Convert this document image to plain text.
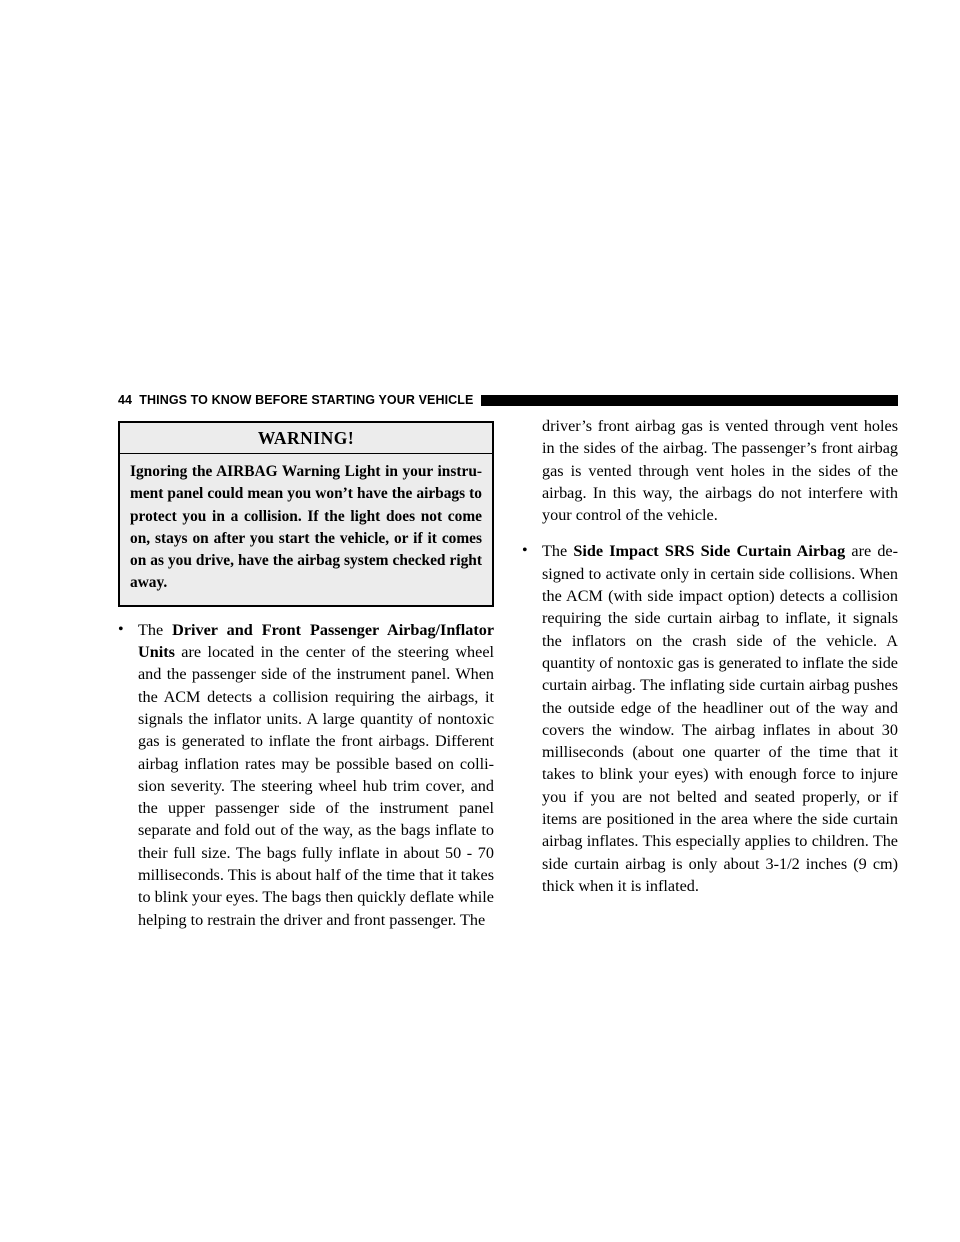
44 THINGS TO KNOW BEFORE STARTING YOUR VEHICLE
WARNING!
Ignoring the AIRBAG Warning Light in your instru-ment panel could mean you won’t have the airbags to protect you in a collision. If the light does not come on, stays on after you start the vehicle, or if it comes on as you drive, have the airbag system checked right away.
• The Driver and Front Passenger Airbag/Inflator Units are located in the center of the steering wheel and the passenger side of the instrument panel. When the ACM detects a collision requiring the airbags, it signals the inflator units. A large quantity of nontoxic gas is generated to inflate the front airbags. Different airbag inflation rates may be possible based on colli-sion severity. The steering wheel hub trim cover, and the upper passenger side of the instrument panel separate and fold out of the way, as the bags inflate to their full size. The bags fully inflate in about 50 - 70 milliseconds. This is about half of the time that it takes to blink your eyes. The bags then quickly deflate while helping to restrain the driver and front passenger. The

driver’s front airbag gas is vented through vent holes in the sides of the airbag. The passenger’s front airbag gas is vented through vent holes in the sides of the airbag. In this way, the airbags do not interfere with your control of the vehicle.

• The Side Impact SRS Side Curtain Airbag are de-signed to activate only in certain side collisions. When the ACM (with side impact option) detects a collision requiring the side curtain airbag to inflate, it signals the inflators on the crash side of the vehicle. A quantity of nontoxic gas is generated to inflate the side curtain airbag. The inflating side curtain airbag pushes the outside edge of the headliner out of the way and covers the window. The airbag inflates in about 30 milliseconds (about one quarter of the time that it takes to blink your eyes) with enough force to injure you if you are not belted and seated properly, or if items are positioned in the area where the side curtain airbag inflates. This especially applies to children. The side curtain airbag is only about 3-1/2 inches (9 cm) thick when it is inflated.
